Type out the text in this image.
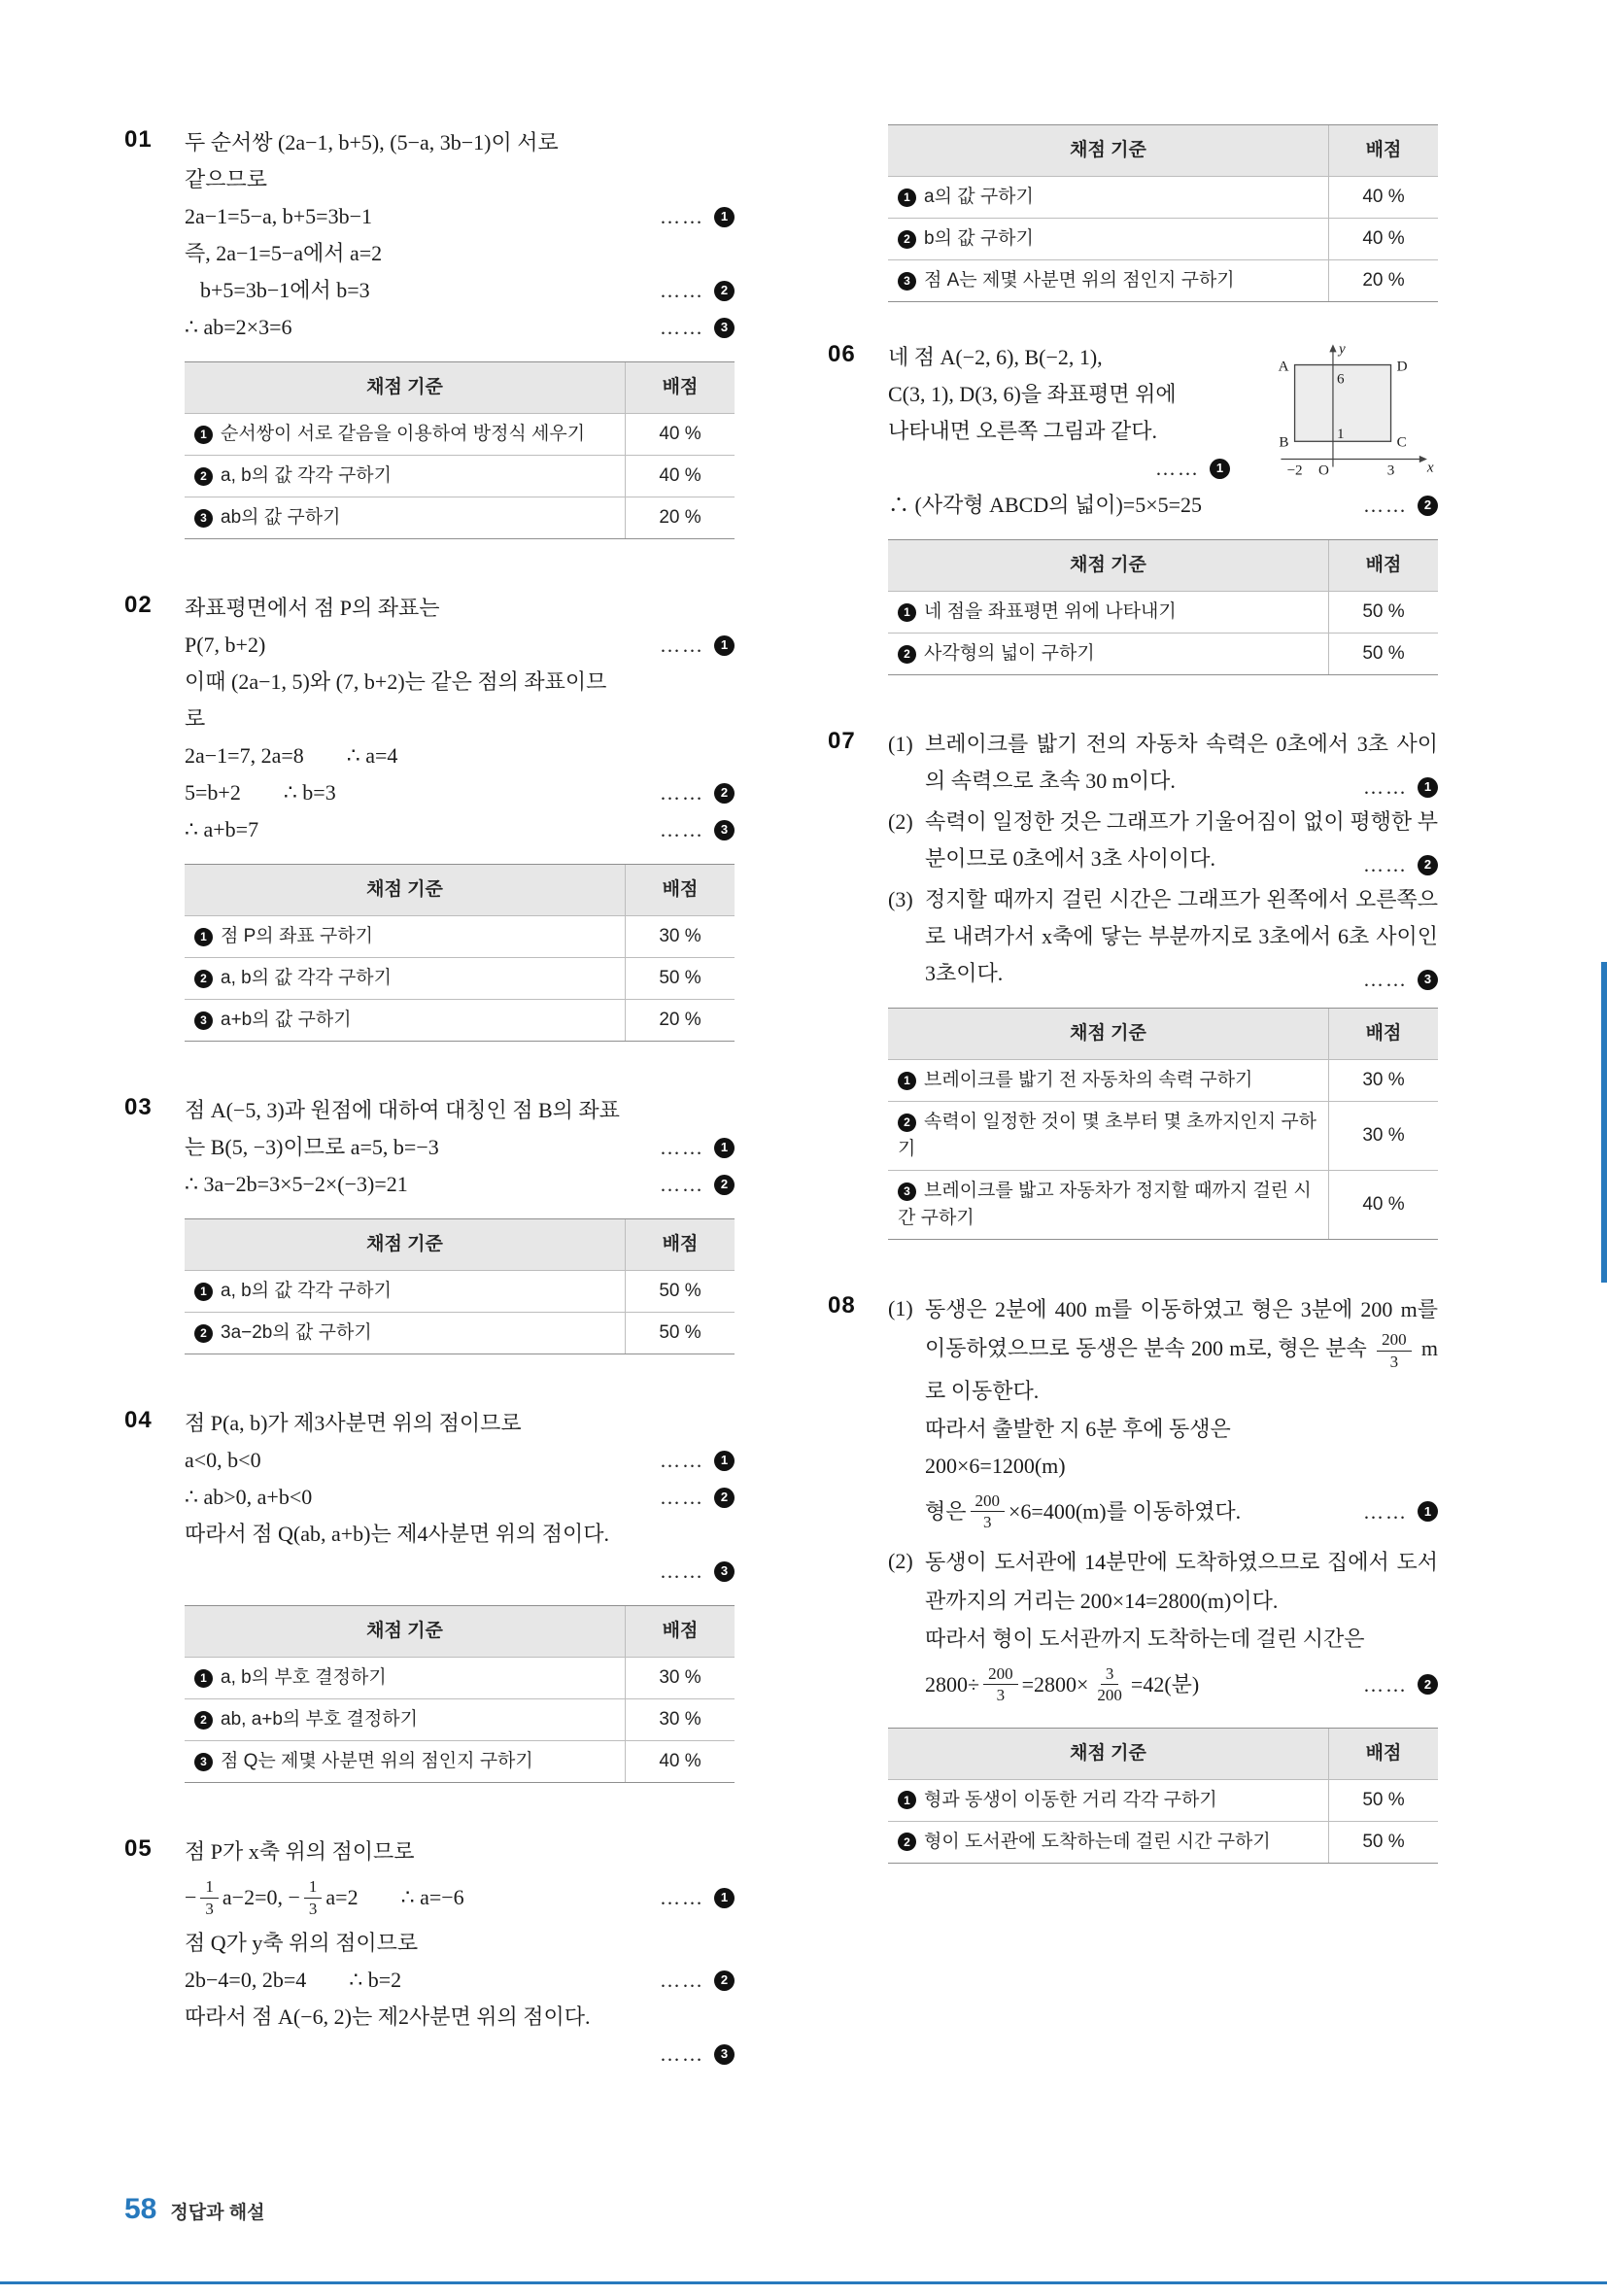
01	두 순서쌍 (2a−1, b+5), (5−a, 3b−1)이 서로
같으므로
2a−1=5−a, b+5=3b−1	……	1
즉, 2a−1=5−a에서 a=2
b+5=3b−1에서 b=3	……	2
∴ ab=2×3=6	……	3
채점 기준	배점
1 순서쌍이 서로 같음을 이용하여 방정식 세우기	40 %
2 a, b의 값 각각 구하기	40 %
3 ab의 값 구하기	20 %
02	좌표평면에서 점 P의 좌표는
P(7, b+2)	……	1
이때 (2a−1, 5)와 (7, b+2)는 같은 점의 좌표이므
로
2a−1=7, 2a=8  ∴ a=4
5=b+2  ∴ b=3	……	2
∴ a+b=7	……	3
채점 기준	배점
1 점 P의 좌표 구하기	30 %
2 a, b의 값 각각 구하기	50 %
3 a+b의 값 구하기	20 %
03	점 A(−5, 3)과 원점에 대하여 대칭인 점 B의 좌표
는 B(5, −3)이므로 a=5, b=−3	……	1
∴ 3a−2b=3×5−2×(−3)=21	……	2
채점 기준	배점
1 a, b의 값 각각 구하기	50 %
2 3a−2b의 값 구하기	50 %
04	점 P(a, b)가 제3사분면 위의 점이므로
a<0, b<0	……	1
∴ ab>0, a+b<0	……	2
따라서 점 Q(ab, a+b)는 제4사분면 위의 점이다.
……	3
채점 기준	배점
1 a, b의 부호 결정하기	30 %
2 ab, a+b의 부호 결정하기	30 %
3 점 Q는 제몇 사분면 위의 점인지 구하기	40 %
05	점 P가 x축 위의 점이므로
− $\frac{1}{3} a-2=0$, − $\frac{1}{3} a=2$  ∴ a=−6	……	1
점 Q가 y축 위의 점이므로
2b−4=0, 2b=4  ∴ b=2	……	2
따라서 점 A(−6, 2)는 제2사분면 위의 점이다.
……	3
채점 기준	배점
1 a의 값 구하기	40 %
2 b의 값 구하기	40 %
3 점 A는 제몇 사분면 위의 점인지 구하기	20 %
06	네 점 A(−2, 6), B(−2, 1),
C(3, 1), D(3, 6)을 좌표평면 위에
나타내면 오른쪽 그림과 같다.
……	1
A	D
B	C
y
x
6
1
−2 O	3
∴ (사각형 ABCD의 넓이)=5×5=25	……	2
채점 기준	배점
1 네 점을 좌표평면 위에 나타내기	50 %
2 사각형의 넓이 구하기	50 %
07	(1) 브레이크를 밟기 전의 자동차 속력은 0초에서 3초 사이의 속력으로 초속 30 m이다.	……	1
(2) 속력이 일정한 것은 그래프가 기울어짐이 없이 평행한 부분이므로 0초에서 3초 사이이다.	……	2
(3) 정지할 때까지 걸린 시간은 그래프가 왼쪽에서 오른쪽으로 내려가서 x축에 닿는 부분까지로 3초에서 6초 사이인 3초이다.	……	3
채점 기준	배점
1 브레이크를 밟기 전 자동차의 속력 구하기	30 %
2 속력이 일정한 것이 몇 초부터 몇 초까지인지 구하기	30 %
3 브레이크를 밟고 자동차가 정지할 때까지 걸린 시간 구하기	40 %
08	(1) 동생은 2분에 400 m를 이동하였고 형은 3분에 200 m를 이동하였으므로 동생은 분속 200 m로, 형은 분속 $\frac{200}{3}$ m로 이동한다.
따라서 출발한 지 6분 후에 동생은
200×6=1200(m)
형은 $\frac{200}{3} \times 6=400(m)$를 이동하였다.	……	1
(2) 동생이 도서관에 14분만에 도착하였으므로 집에서 도서관까지의 거리는 200×14=2800(m)이다.
따라서 형이 도서관까지 도착하는데 걸린 시간은
$2800\div \frac{200}{3} =2800\times \frac{3}{200} =42$(분)	……	2
채점 기준	배점
1 형과 동생이 이동한 거리 각각 구하기	50 %
2 형이 도서관에 도착하는데 걸린 시간 구하기	50 %
58 정답과 해설
